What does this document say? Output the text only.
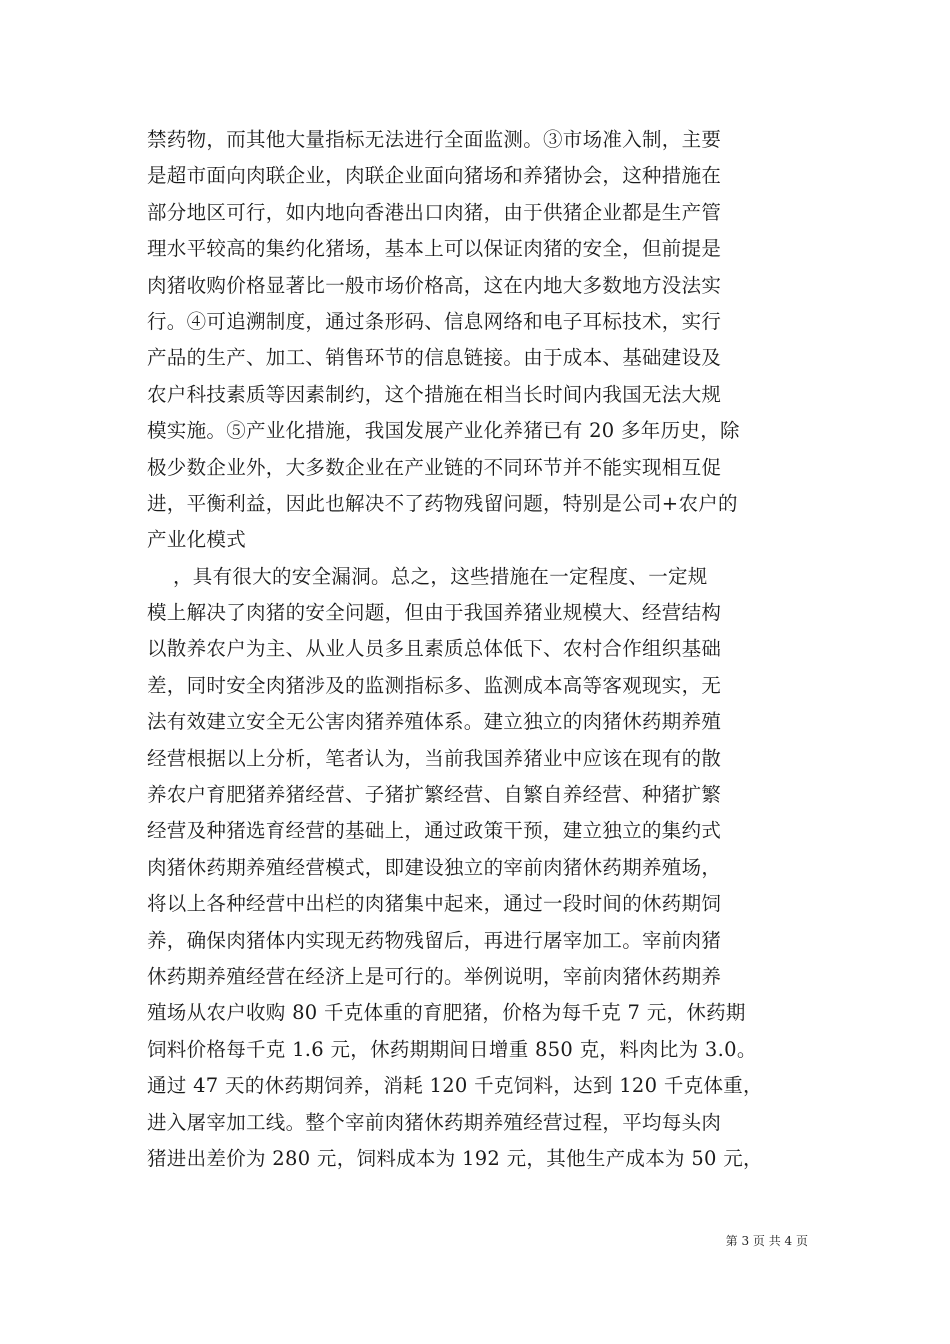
禁药物，而其他大量指标无法进行全面监测。③市场准入制，主要
是超市面向肉联企业，肉联企业面向猪场和养猪协会，这种措施在
部分地区可行，如内地向香港出口肉猪，由于供猪企业都是生产管
理水平较高的集约化猪场，基本上可以保证肉猪的安全，但前提是
肉猪收购价格显著比一般市场价格高，这在内地大多数地方没法实
行。④可追溯制度，通过条形码、信息网络和电子耳标技术，实行
产品的生产、加工、销售环节的信息链接。由于成本、基础建设及
农户科技素质等因素制约，这个措施在相当长时间内我国无法大规
模实施。⑤产业化措施，我国发展产业化养猪已有 20 多年历史，除
极少数企业外，大多数企业在产业链的不同环节并不能实现相互促
进，平衡利益，因此也解决不了药物残留问题，特别是公司+农户的
产业化模式
，具有很大的安全漏洞。总之，这些措施在一定程度、一定规
模上解决了肉猪的安全问题，但由于我国养猪业规模大、经营结构
以散养农户为主、从业人员多且素质总体低下、农村合作组织基础
差，同时安全肉猪涉及的监测指标多、监测成本高等客观现实，无
法有效建立安全无公害肉猪养殖体系。建立独立的肉猪休药期养殖
经营根据以上分析，笔者认为，当前我国养猪业中应该在现有的散
养农户育肥猪养猪经营、子猪扩繁经营、自繁自养经营、种猪扩繁
经营及种猪选育经营的基础上，通过政策干预，建立独立的集约式
肉猪休药期养殖经营模式，即建设独立的宰前肉猪休药期养殖场，
将以上各种经营中出栏的肉猪集中起来，通过一段时间的休药期饲
养，确保肉猪体内实现无药物残留后，再进行屠宰加工。宰前肉猪
休药期养殖经营在经济上是可行的。举例说明，宰前肉猪休药期养
殖场从农户收购 80 千克体重的育肥猪，价格为每千克 7 元，休药期
饲料价格每千克 1.6 元，休药期期间日增重 850 克，料肉比为 3.0。
通过 47 天的休药期饲养，消耗 120 千克饲料，达到 120 千克体重，
进入屠宰加工线。整个宰前肉猪休药期养殖经营过程，平均每头肉
猪进出差价为 280 元，饲料成本为 192 元，其他生产成本为 50 元，
第 3 页 共 4 页
